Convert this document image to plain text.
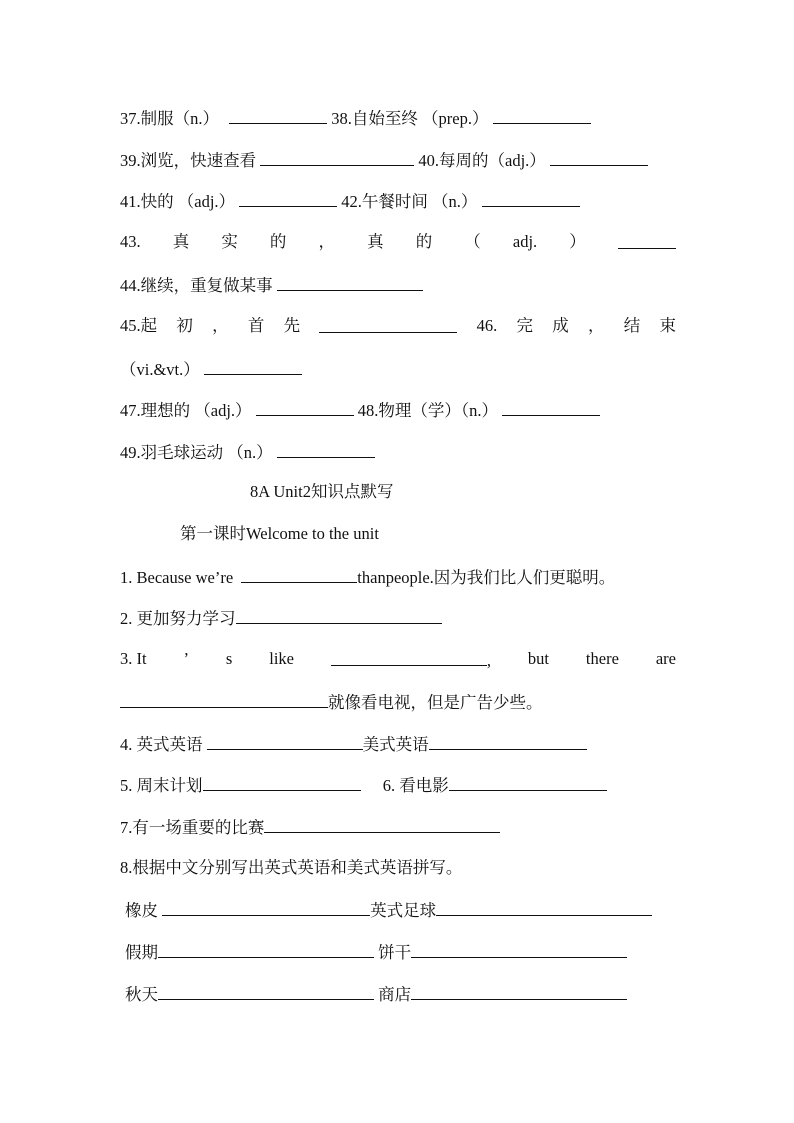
37.制服（n.）	38.自始至终 （prep.）
39.浏览，快速查看	40.每周的（adj.）
41.快的 （adj.）	42.午餐时间 （n.）
43. 真 实 的 ， 真 的 （ adj. ）
44.继续，重复做某事
45.起 初 ， 首 先	46. 完 成 ， 结 束
（vi.&vt.）
47.理想的 （adj.）	48.物理（学）（n.）
49.羽毛球运动 （n.）
8A Unit2知识点默写
第一课时Welcome to the unit
1. Because we’re	thanpeople.因为我们比人们更聪明。
2. 更加努力学习
3. It ’ s like	, but there are
就像看电视，但是广告少些。
4. 英式英语	美式英语
5. 周末计划	6. 看电影
7.有一场重要的比赛
8.根据中文分别写出英式英语和美式英语拼写。
橡皮	英式足球
假期	饼干
秋天	商店
